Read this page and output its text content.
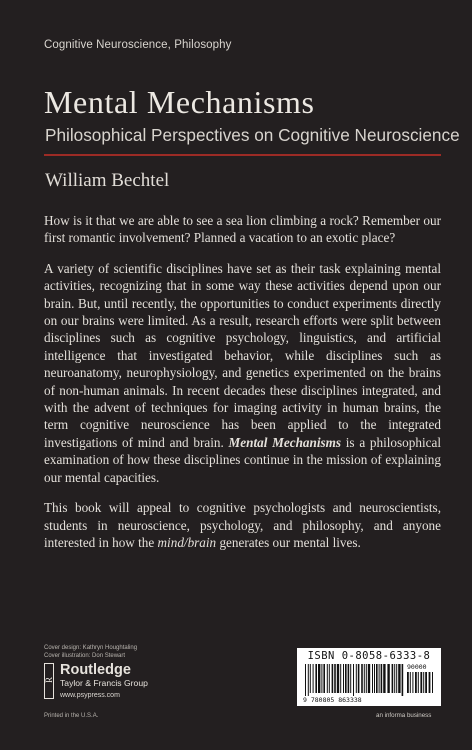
Cognitive Neuroscience, Philosophy
Mental Mechanisms
Philosophical Perspectives on Cognitive Neuroscience
William Bechtel

How is it that we are able to see a sea lion climbing a rock? Remember our first romantic involvement? Planned a vacation to an exotic place?

A variety of scientific disciplines have set as their task explaining mental activities, recognizing that in some way these activities depend upon our brain. But, until recently, the opportunities to conduct experiments directly on our brains were limited. As a result, research efforts were split between disciplines such as cognitive psychology, linguistics, and artificial intelligence that investigated behavior, while disciplines such as neuroanatomy, neurophysiology, and genetics experimented on the brains of non-human animals. In recent decades these disciplines integrated, and with the advent of techniques for imaging activity in human brains, the term cognitive neuroscience has been applied to the integrated investigations of mind and brain. Mental Mechanisms is a philosophical examination of how these disciplines continue in the mission of explaining our mental capacities.

This book will appeal to cognitive psychologists and neuroscientists, students in neuroscience, psychology, and philosophy, and anyone interested in how the mind/brain generates our mental lives.

Cover design: Kathryn Houghtaling
Cover illustration: Don Stewart
R
Routledge
Taylor & Francis Group
www.psypress.com
Printed in the U.S.A.
ISBN 0-8058-6333-8
9 780805 863338
90000
an informa business
